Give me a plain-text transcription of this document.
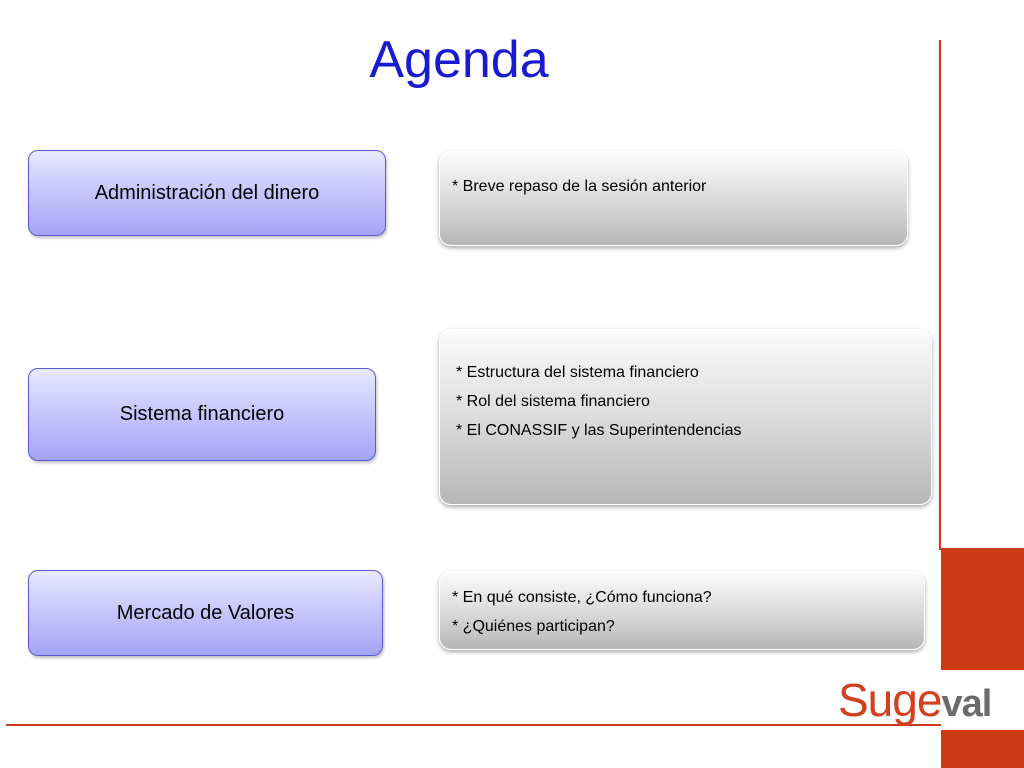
Agenda
Sugeval
Administración del dinero	* Breve repaso de la sesión anterior
Sistema financiero
* Estructura del sistema financiero
* Rol del sistema financiero
* El CONASSIF y las Superintendencias
Mercado de Valores
* En qué consiste, ¿Cómo funciona?
* ¿Quiénes participan?
